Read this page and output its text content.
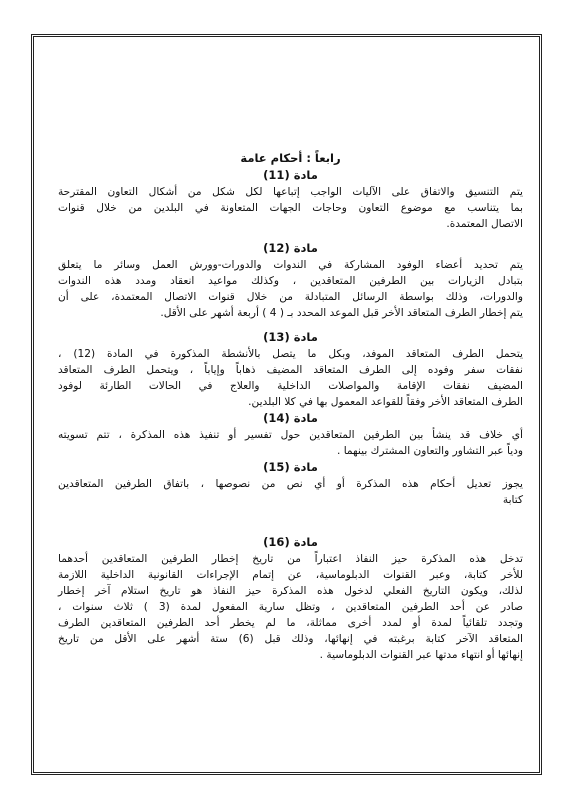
رابعاً : أحكام عامة
مادة (11)
يتم التنسيق والاتفاق على الآليات الواجب إتباعها لكل شكل من أشكال التعاون المقترحة
بما يتناسب مع موضوع التعاون وحاجات الجهات المتعاونة في البلدين من خلال قنوات
الاتصال المعتمدة.
مادة (12)
يتم تحديد أعضاء الوفود المشاركة في الندوات والدورات-وورش العمل وسائر ما يتعلق
بتبادل الزيارات بين الطرفين المتعاقدين ، وكذلك مواعيد انعقاد ومدد هذه الندوات
والدورات، وذلك بواسطة الرسائل المتبادلة من خلال قنوات الاتصال المعتمدة، على أن
يتم إخطار الطرف المتعاقد الأخر قبل الموعد المحدد بـ ( 4 ) أربعة أشهر على الأقل.
مادة (13)
يتحمل الطرف المتعاقد الموفد، وبكل ما يتصل بالأنشطة المذكورة في المادة (12) ،
نفقات سفر وفوده إلى الطرف المتعاقد المضيف ذهاباً وإياباً ، ويتحمل الطرف المتعاقد
المضيف نفقات الإقامة والمواصلات الداخلية والعلاج في الحالات الطارئة لوفود
الطرف المتعاقد الأخر وفقاً للقواعد المعمول بها في كلا البلدين.
مادة (14)
أي خلاف قد ينشأ بين الطرفين المتعاقدين حول تفسير أو تنفيذ هذه المذكرة ، تتم تسويته
ودياً عبر التشاور والتعاون المشترك بينهما .
مادة (15)
يجوز تعديل أحكام هذه المذكرة أو أي نص من نصوصها ، باتفاق الطرفين المتعاقدين
كتابة
مادة (16)
تدخل هذه المذكرة حيز النفاذ اعتباراً من تاريخ إخطار الطرفين المتعاقدين أحدهما
للأخر كتابة، وعبر القنوات الدبلوماسية، عن إتمام الإجراءات القانونية الداخلية اللازمة
لذلك، ويكون التاريخ الفعلي لدخول هذه المذكرة حيز النفاذ هو تاريخ استلام آخر إخطار
صادر عن أحد الطرفين المتعاقدين ، وتظل سارية المفعول لمدة (3 ) ثلاث سنوات ،
وتجدد تلقائياً لمدة أو لمدد أخرى مماثلة، ما لم يخطر أحد الطرفين المتعاقدين الطرف
المتعاقد الآخر كتابة برغبته في إنهائها، وذلك قبل (6) ستة أشهر على الأقل من تاريخ
إنهائها أو انتهاء مدتها عبر القنوات الدبلوماسية .
